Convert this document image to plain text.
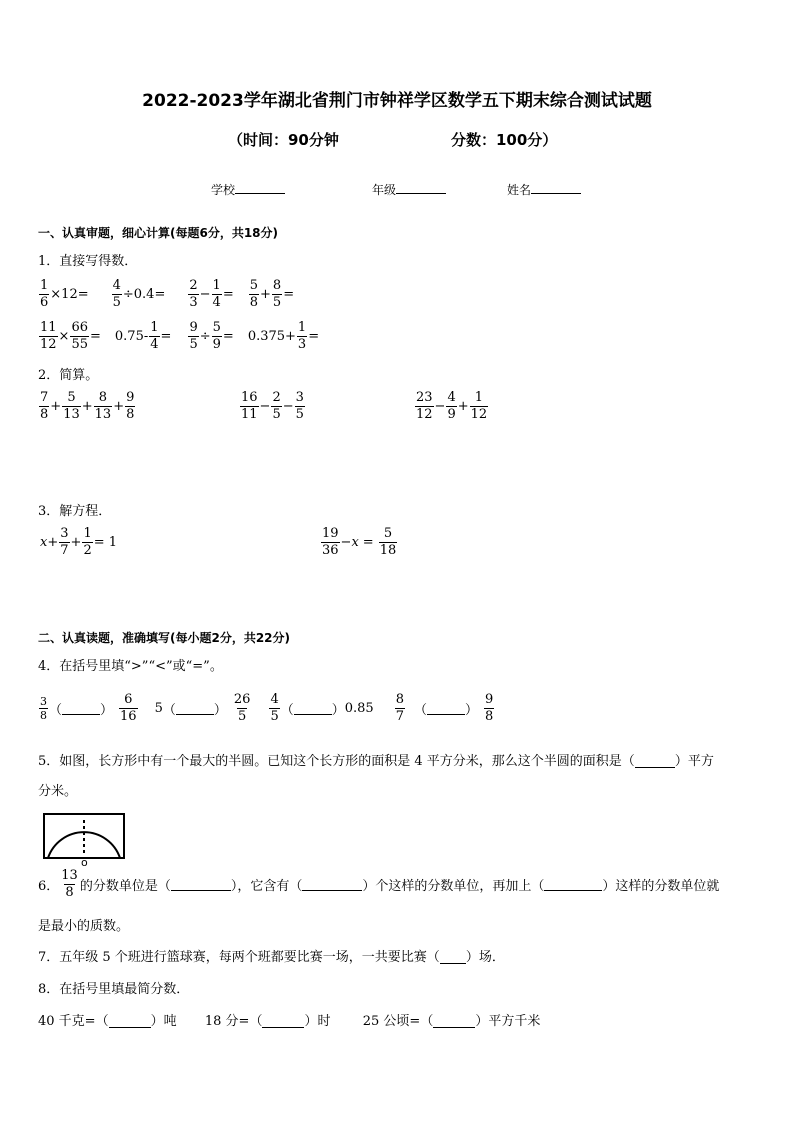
2022-2023学年湖北省荆门市钟祥学区数学五下期末综合测试试题
（时间：90分钟	分数：100分）
学校	年级	姓名
一、认真审题，细心计算(每题6分，共18分)
1．直接写得数．
$\frac{1}{6} \times 12= \frac{4}{5} \div 0.4= \frac{2}{3} - \frac{1}{4} = \frac{5}{8} + \frac{8}{5}$ =
$\frac{11}{12} \times \frac{66}{55} = 0.75- \frac{1}{4} = \frac{9}{5} \div \frac{5}{9} = 0.375+ \frac{1}{3}$ =
2．简算。
$\frac{7}{8} + \frac{5}{13} + \frac{8}{13} + \frac{9}{8}$	$\frac{16}{11} - \frac{2}{5} - \frac{3}{5}$	$\frac{23}{12} - \frac{4}{9} + \frac{1}{12}$
3．解方程．
$x + \frac{3}{7} + \frac{1}{2} = 1$	$\frac{19}{36} - x = \frac{5}{18}$
二、认真读题，准确填写(每小题2分，共22分)
4．在括号里填“>”“<”或“=”。
$\frac{3}{8}$ （	） $\frac{6}{16} 5$ （	） $\frac{26}{5} \frac{4}{5}$ （	） $0.85 \frac{8}{7}$ （	） $\frac{9}{8}$
5．如图，长方形中有一个最大的半圆。已知这个长方形的面积是 4 平方分米，那么这个半圆的面积是（	）平方
分米。
o
6． $\frac{13}{8}$ 的分数单位是（	），它含有（	）个这样的分数单位，再加上（	）这样的分数单位就
是最小的质数。
7．五年级 5 个班进行篮球赛，每两个班都要比赛一场，一共要比赛（ ）场．
8．在括号里填最简分数．
40 千克=（	）吨 18 分=（	）时 25 公顷=（	）平方千米
